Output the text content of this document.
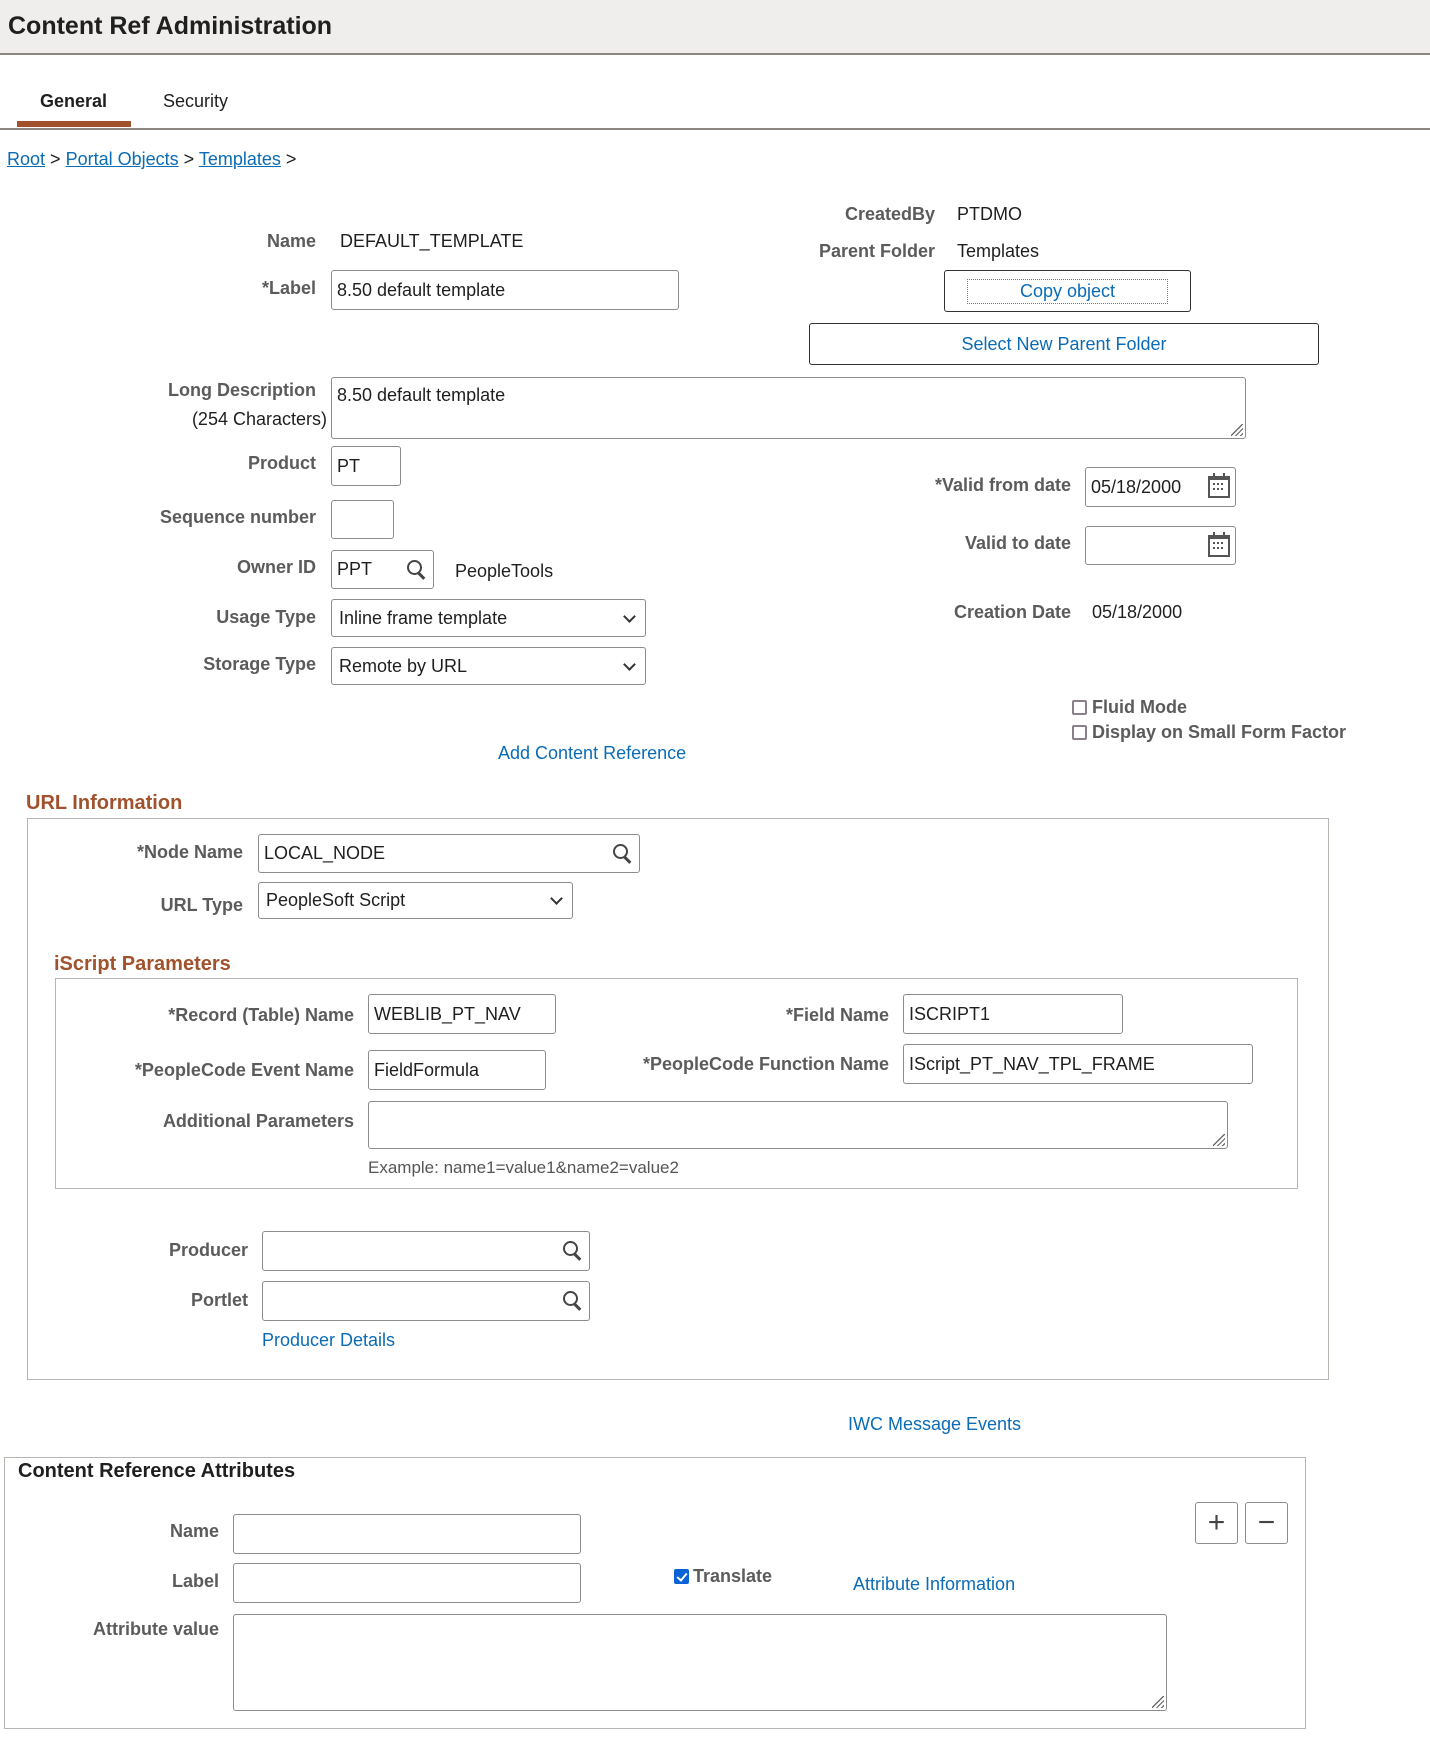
Content Ref Administration
General	Security
Root > Portal Objects > Templates >
Name DEFAULT_TEMPLATE
*Label 8.50 default template
CreatedBy PTDMO
Parent Folder Templates
Copy object
Select New Parent Folder
Long Description
(254 Characters)
8.50 default template
Product PT
Sequence number
Owner ID PPT	PeopleTools
Usage Type Inline frame template
Storage Type Remote by URL
*Valid from date 05/18/2000
Valid to date
Creation Date 05/18/2000
Fluid Mode
Display on Small Form Factor
Add Content Reference
URL Information
*Node Name LOCAL_NODE
URL Type PeopleSoft Script
iScript Parameters
*Record (Table) Name WEBLIB_PT_NAV	*Field Name ISCRIPT1
*PeopleCode Event Name FieldFormula	*PeopleCode Function Name IScript_PT_NAV_TPL_FRAME
Additional Parameters
Example: name1=value1&name2=value2
Producer
Portlet
Producer Details
IWC Message Events
Content Reference Attributes
Name
Label	Translate	Attribute Information
Attribute value
+ −
